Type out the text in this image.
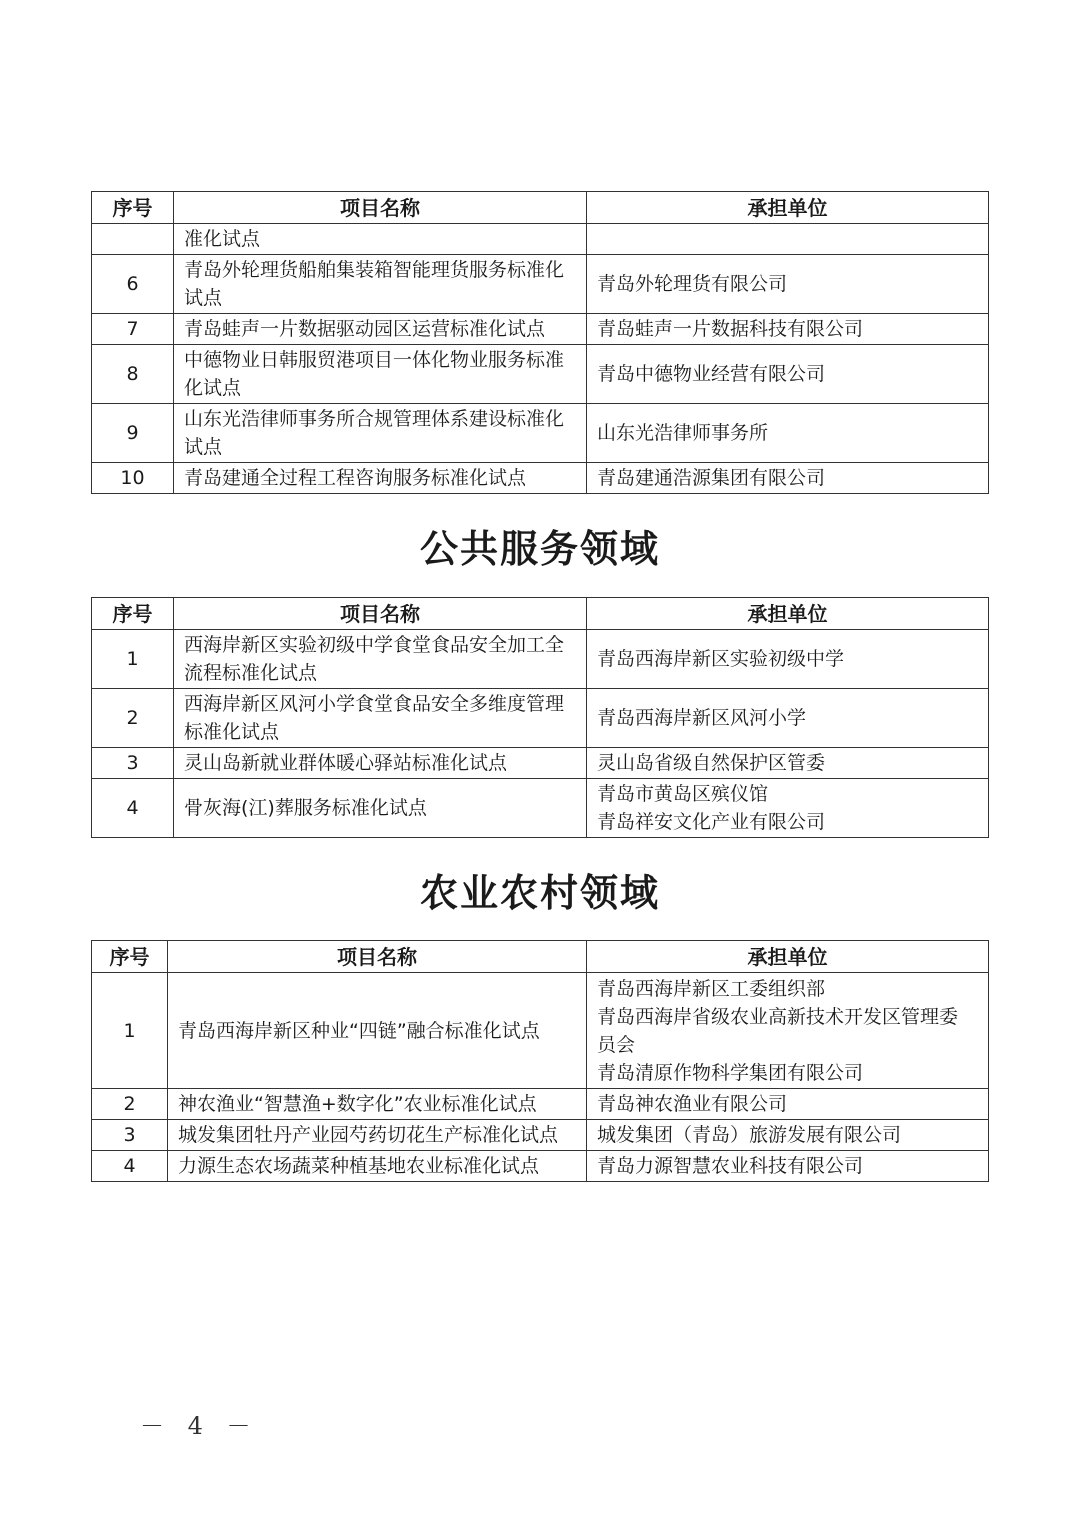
序号	项目名称	承担单位

	准化试点	

6	青岛外轮理货船舶集装箱智能理货服务标准化
试点	青岛外轮理货有限公司

7	青岛蛙声一片数据驱动园区运营标准化试点	青岛蛙声一片数据科技有限公司

8	中德物业日韩服贸港项目一体化物业服务标准
化试点	青岛中德物业经营有限公司

9	山东光浩律师事务所合规管理体系建设标准化
试点	山东光浩律师事务所

10	青岛建通全过程工程咨询服务标准化试点	青岛建通浩源集团有限公司
公共服务领域
序号	项目名称	承担单位
1	西海岸新区实验初级中学食堂食品安全加工全
流程标准化试点	青岛西海岸新区实验初级中学

2	西海岸新区风河小学食堂食品安全多维度管理
标准化试点	青岛西海岸新区风河小学

3	灵山岛新就业群体暖心驿站标准化试点	灵山岛省级自然保护区管委

4	骨灰海(江)葬服务标准化试点	青岛市黄岛区殡仪馆
青岛祥安文化产业有限公司
农业农村领域
序号	项目名称	承担单位
1	青岛西海岸新区种业“四链”融合标准化试点	青岛西海岸新区工委组织部
青岛西海岸省级农业高新技术开发区管理委
员会
青岛清原作物科学集团有限公司

2	神农渔业“智慧渔+数字化”农业标准化试点	青岛神农渔业有限公司

3	城发集团牡丹产业园芍药切花生产标准化试点	城发集团（青岛）旅游发展有限公司

4	力源生态农场蔬菜种植基地农业标准化试点	青岛力源智慧农业科技有限公司
－ 4 －
